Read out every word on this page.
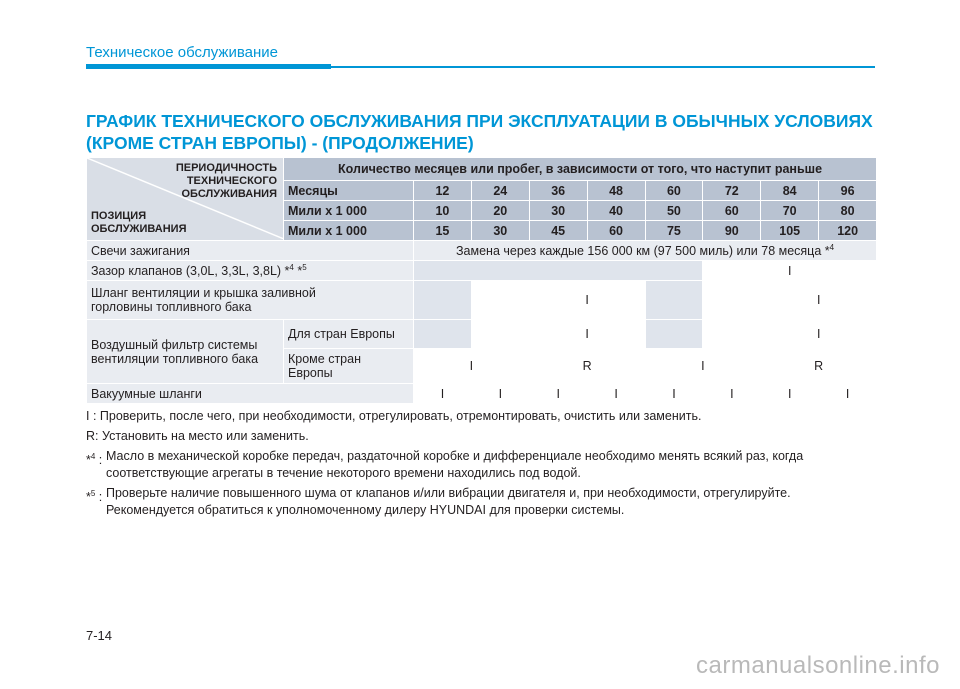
Техническое обслуживание
ГРАФИК ТЕХНИЧЕСКОГО ОБСЛУЖИВАНИЯ ПРИ ЭКСПЛУАТАЦИИ В ОБЫЧНЫХ УСЛОВИЯХ
(КРОМЕ СТРАН ЕВРОПЫ) - (ПРОДОЛЖЕНИЕ)
ПЕРИОДИЧНОСТЬ
ТЕХНИЧЕСКОГО
ОБСЛУЖИВАНИЯ
ПОЗИЦИЯ
ОБСЛУЖИВАНИЯ	Количество месяцев или пробег, в зависимости от того, что наступит раньше								
	Месяцы	12	24	36	48	60	72	84	96
	Мили x 1 000	10	20	30	40	50	60	70	80
	Мили x 1 000	15	30	45	60	75	90	105	120
Свечи зажигания		Замена через каждые 156 000 км (97 500 миль) или 78 месяца *$^4$
Зазор клапанов (3,0L, 3,3L, 3,8L) *$^4$ *$^5$							I		

Шланг вентиляции и крышка заливной
горловины топливного бака				I				I	

Воздушный фильтр системы
вентиляции топливного бака	Для стран Европы			I				I	

	Кроме стран
Европы	I		R		I		R	
Вакуумные шланги		I	I	I	I	I	I	I	I
I : Проверить, после чего, при необходимости, отрегулировать, отремонтировать, очистить или заменить.
R: Установить на место или заменить.
*$^4$ : Масло в механической коробке передач, раздаточной коробке и дифференциале необходимо менять всякий раз, когда соответствующие агрегаты в течение некоторого времени находились под водой.
*$^5$ : Проверьте наличие повышенного шума от клапанов и/или вибрации двигателя и, при необходимости, отрегулируйте. Рекомендуется обратиться к уполномоченному дилеру HYUNDAI для проверки системы.
7-14
carmanualsonline.info
